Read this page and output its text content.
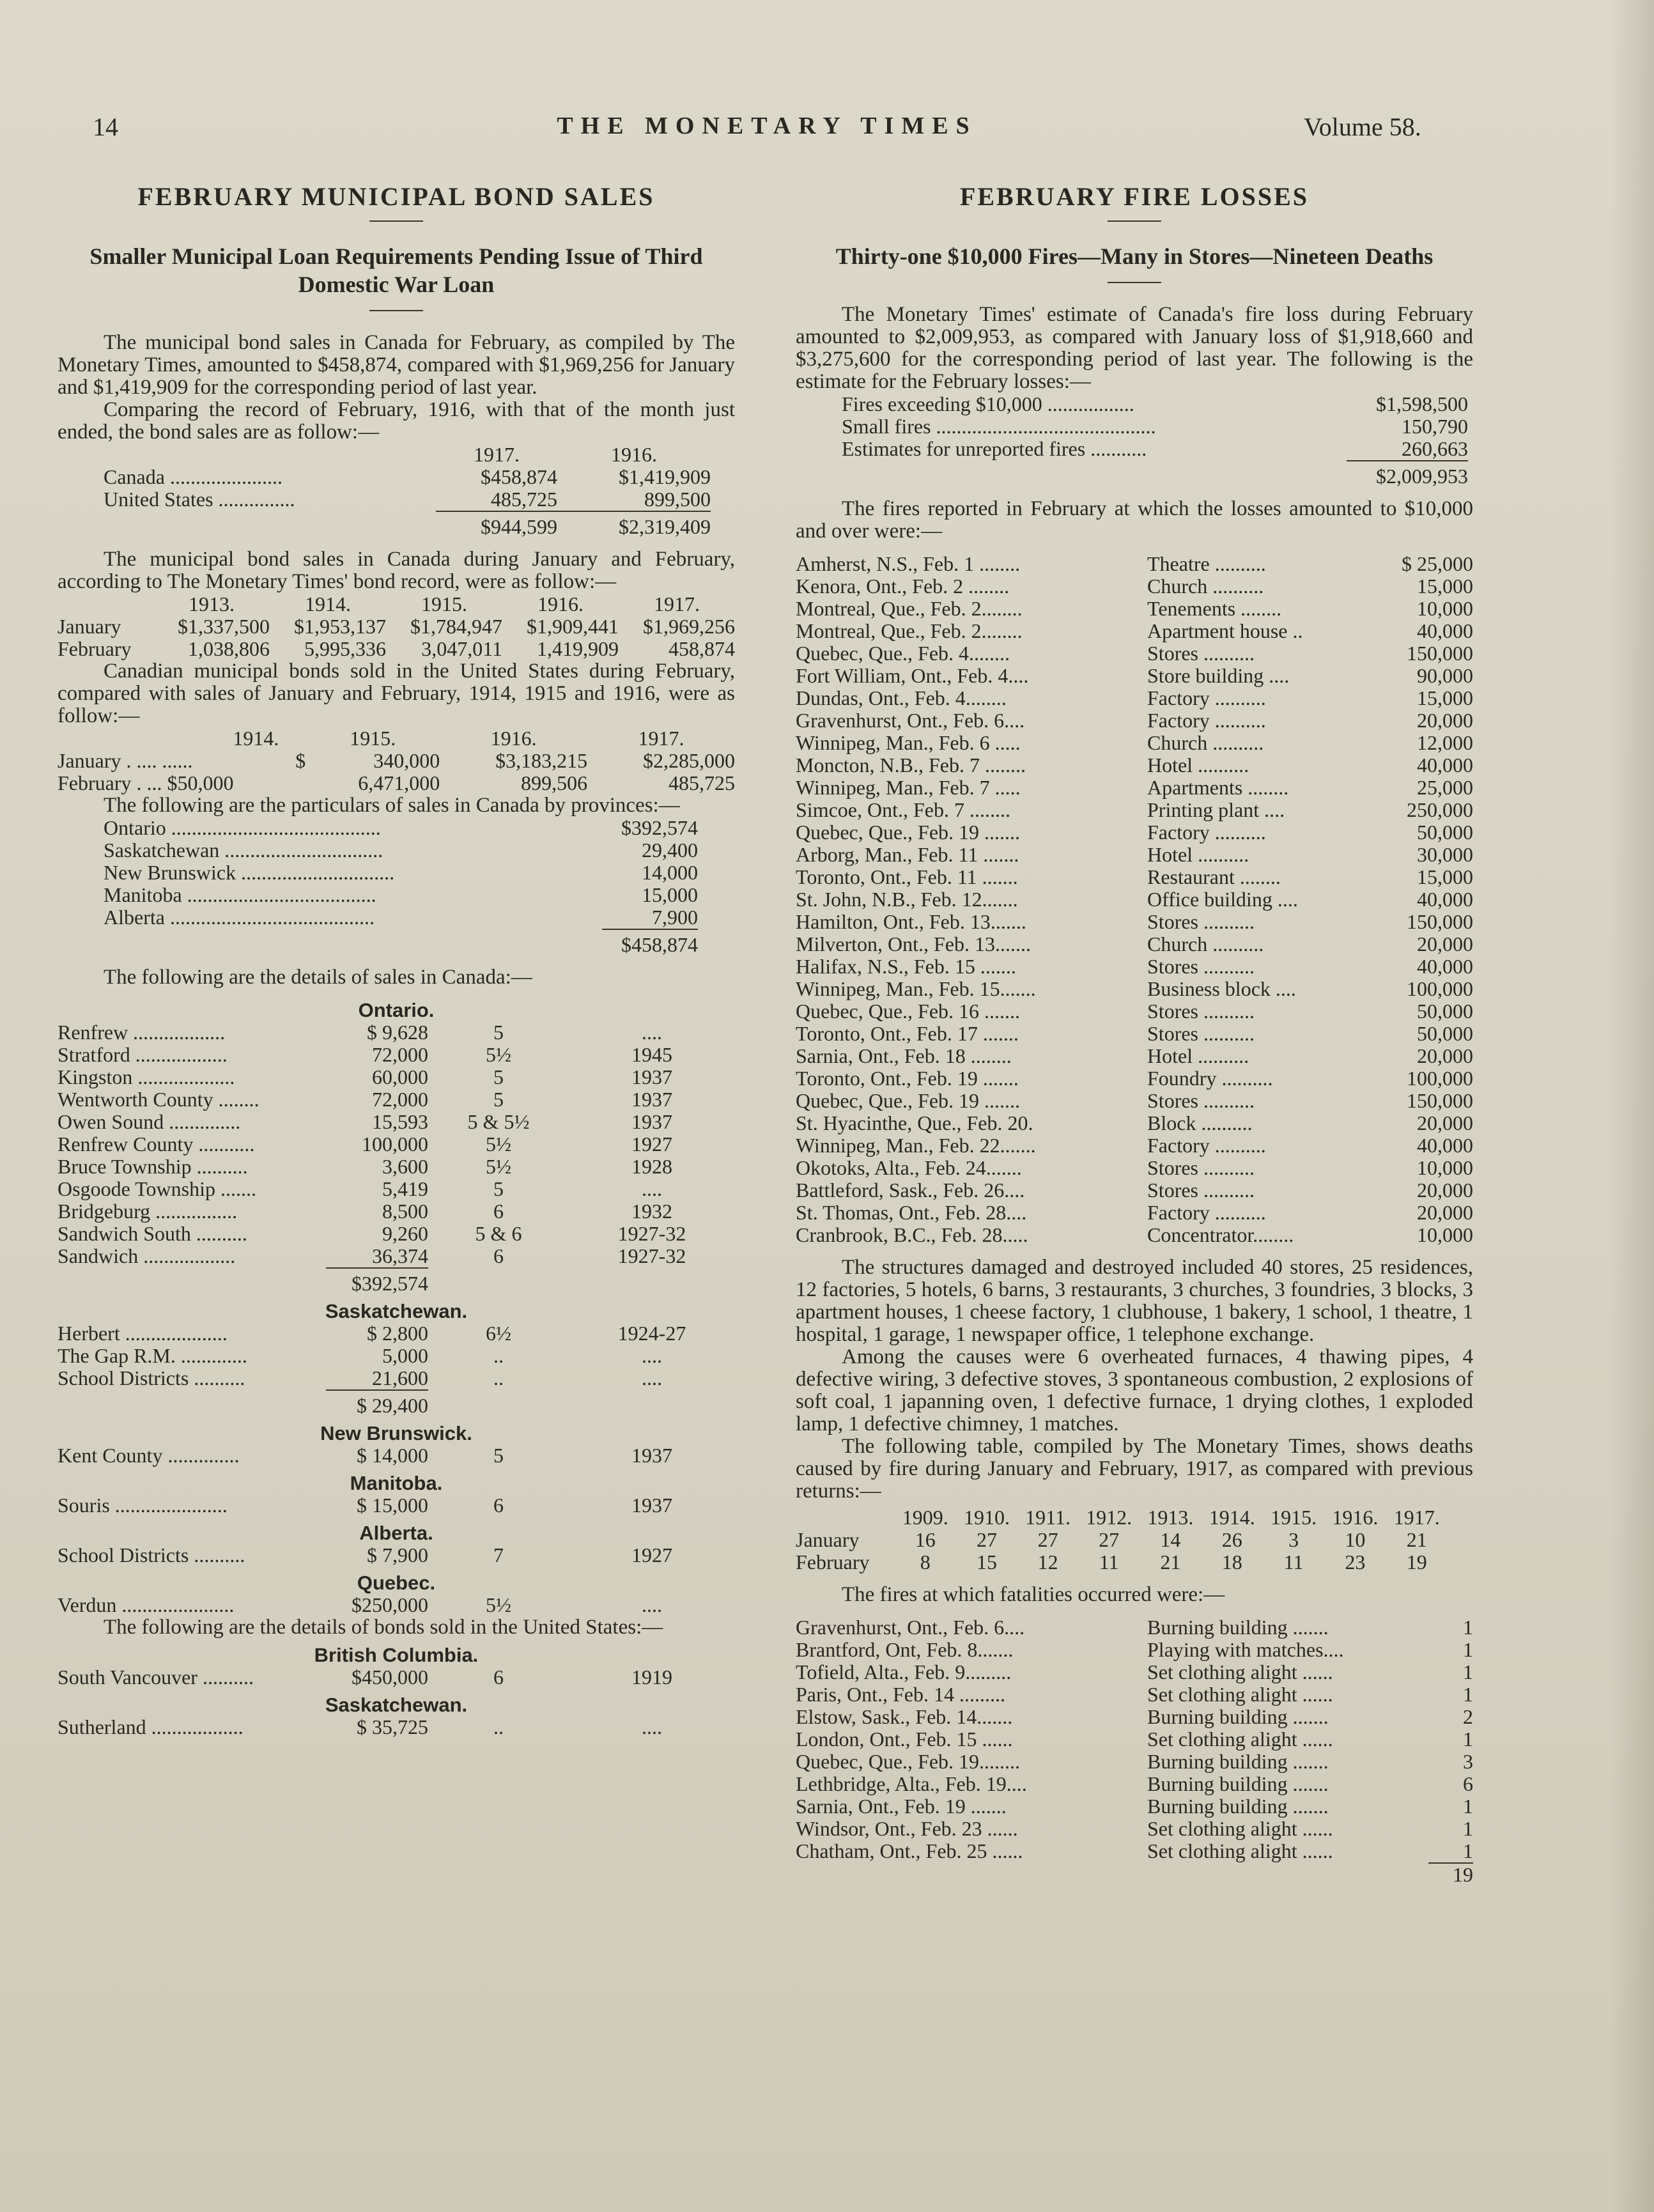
14	THE MONETARY TIMES	Volume 58.
FEBRUARY MUNICIPAL BOND SALES
Smaller Municipal Loan Requirements Pending Issue of Third Domestic War Loan

The municipal bond sales in Canada for February, as compiled by The Monetary Times, amounted to $458,874, compared with $1,969,256 for January and $1,419,909 for the corresponding period of last year.

Comparing the record of February, 1916, with that of the month just ended, the bond sales are as follow:—

	1917.	1916.
Canada ......................	$458,874	$1,419,909
United States ...............	485,725	899,500
	$944,599	$2,319,409

The municipal bond sales in Canada during January and February, according to The Monetary Times' bond record, were as follow:—

	1913.	1914.	1915.	1916.	1917.
January	$1,337,500	$1,953,137	$1,784,947	$1,909,441	$1,969,256
February	1,038,806	5,995,336	3,047,011	1,419,909	458,874

Canadian municipal bonds sold in the United States during February, compared with sales of January and February, 1914, 1915 and 1916, were as follow:—

1914.		1915.	1916.	1917.
January . .... ......	$	340,000	$3,183,215	$2,285,000
February . ... $50,000		6,471,000	899,506	485,725

The following are the particulars of sales in Canada by provinces:—

Ontario .........................................	$392,574
Saskatchewan ...............................	29,400
New Brunswick ..............................	14,000
Manitoba .....................................	15,000
Alberta ........................................	7,900
	$458,874

The following are the details of sales in Canada:—

Ontario.			
Renfrew ..................	$ 9,628	5	....
Stratford ..................	72,000	5½	1945
Kingston ...................	60,000	5	1937
Wentworth County ........	72,000	5	1937
Owen Sound ..............	15,593	5 & 5½	1937
Renfrew County ...........	100,000	5½	1927
Bruce Township ..........	3,600	5½	1928
Osgoode Township .......	5,419	5	....
Bridgeburg ................	8,500	6	1932
Sandwich South ..........	9,260	5 & 6	1927-32
Sandwich ..................	36,374	6	1927-32
	$392,574		
Saskatchewan.			
Herbert ....................	$ 2,800	6½	1924-27
The Gap R.M. .............	5,000	..	....
School Districts ..........	21,600	..	....
	$ 29,400		
New Brunswick.			
Kent County ..............	$ 14,000	5	1937
Manitoba.			
Souris ......................	$ 15,000	6	1937
Alberta.			
School Districts ..........	$ 7,900	7	1927
Quebec.			
Verdun ......................	$250,000	5½	....

The following are the details of bonds sold in the United States:—

British Columbia.			
South Vancouver ..........	$450,000	6	1919
Saskatchewan.			
Sutherland ..................	$ 35,725	..	....
FEBRUARY FIRE LOSSES
Thirty-one $10,000 Fires—Many in Stores—Nineteen Deaths

The Monetary Times' estimate of Canada's fire loss during February amounted to $2,009,953, as compared with January loss of $1,918,660 and $3,275,600 for the corresponding period of last year. The following is the estimate for the February losses:—

Fires exceeding $10,000 .................	$1,598,500
Small fires ...........................................	150,790
Estimates for unreported fires ...........	260,663
	$2,009,953

The fires reported in February at which the losses amounted to $10,000 and over were:—

Amherst, N.S., Feb. 1 ........	Theatre ..........	$ 25,000
Kenora, Ont., Feb. 2 ........	Church ..........	15,000
Montreal, Que., Feb. 2........	Tenements ........	10,000
Montreal, Que., Feb. 2........	Apartment house ..	40,000
Quebec, Que., Feb. 4........	Stores ..........	150,000
Fort William, Ont., Feb. 4....	Store building ....	90,000
Dundas, Ont., Feb. 4........	Factory ..........	15,000
Gravenhurst, Ont., Feb. 6....	Factory ..........	20,000
Winnipeg, Man., Feb. 6 .....	Church ..........	12,000
Moncton, N.B., Feb. 7 ........	Hotel ..........	40,000
Winnipeg, Man., Feb. 7 .....	Apartments ........	25,000
Simcoe, Ont., Feb. 7 ........	Printing plant ....	250,000
Quebec, Que., Feb. 19 .......	Factory ..........	50,000
Arborg, Man., Feb. 11 .......	Hotel ..........	30,000
Toronto, Ont., Feb. 11 .......	Restaurant ........	15,000
St. John, N.B., Feb. 12.......	Office building ....	40,000
Hamilton, Ont., Feb. 13.......	Stores ..........	150,000
Milverton, Ont., Feb. 13.......	Church ..........	20,000
Halifax, N.S., Feb. 15 .......	Stores ..........	40,000
Winnipeg, Man., Feb. 15.......	Business block ....	100,000
Quebec, Que., Feb. 16 .......	Stores ..........	50,000
Toronto, Ont., Feb. 17 .......	Stores ..........	50,000
Sarnia, Ont., Feb. 18 ........	Hotel ..........	20,000
Toronto, Ont., Feb. 19 .......	Foundry ..........	100,000
Quebec, Que., Feb. 19 .......	Stores ..........	150,000
St. Hyacinthe, Que., Feb. 20.	Block ..........	20,000
Winnipeg, Man., Feb. 22.......	Factory ..........	40,000
Okotoks, Alta., Feb. 24.......	Stores ..........	10,000
Battleford, Sask., Feb. 26....	Stores ..........	20,000
St. Thomas, Ont., Feb. 28....	Factory ..........	20,000
Cranbrook, B.C., Feb. 28.....	Concentrator........	10,000

The structures damaged and destroyed included 40 stores, 25 residences, 12 factories, 5 hotels, 6 barns, 3 restaurants, 3 churches, 3 foundries, 3 blocks, 3 apartment houses, 1 cheese factory, 1 clubhouse, 1 bakery, 1 school, 1 theatre, 1 hospital, 1 garage, 1 newspaper office, 1 telephone exchange.

Among the causes were 6 overheated furnaces, 4 thawing pipes, 4 defective wiring, 3 defective stoves, 3 spontaneous combustion, 2 explosions of soft coal, 1 japanning oven, 1 defective furnace, 1 drying clothes, 1 exploded lamp, 1 defective chimney, 1 matches.

The following table, compiled by The Monetary Times, shows deaths caused by fire during January and February, 1917, as compared with previous returns:—

	1909.	1910.	1911.	1912.	1913.	1914.	1915.	1916.	1917.
January	16	27	27	27	14	26	3	10	21
February	8	15	12	11	21	18	11	23	19

The fires at which fatalities occurred were:—

Gravenhurst, Ont., Feb. 6....	Burning building .......	1
Brantford, Ont, Feb. 8.......	Playing with matches....	1
Tofield, Alta., Feb. 9.........	Set clothing alight ......	1
Paris, Ont., Feb. 14 .........	Set clothing alight ......	1
Elstow, Sask., Feb. 14.......	Burning building .......	2
London, Ont., Feb. 15 ......	Set clothing alight ......	1
Quebec, Que., Feb. 19........	Burning building .......	3
Lethbridge, Alta., Feb. 19....	Burning building .......	6
Sarnia, Ont., Feb. 19 .......	Burning building .......	1
Windsor, Ont., Feb. 23 ......	Set clothing alight ......	1
Chatham, Ont., Feb. 25 ......	Set clothing alight ......	1
		19
